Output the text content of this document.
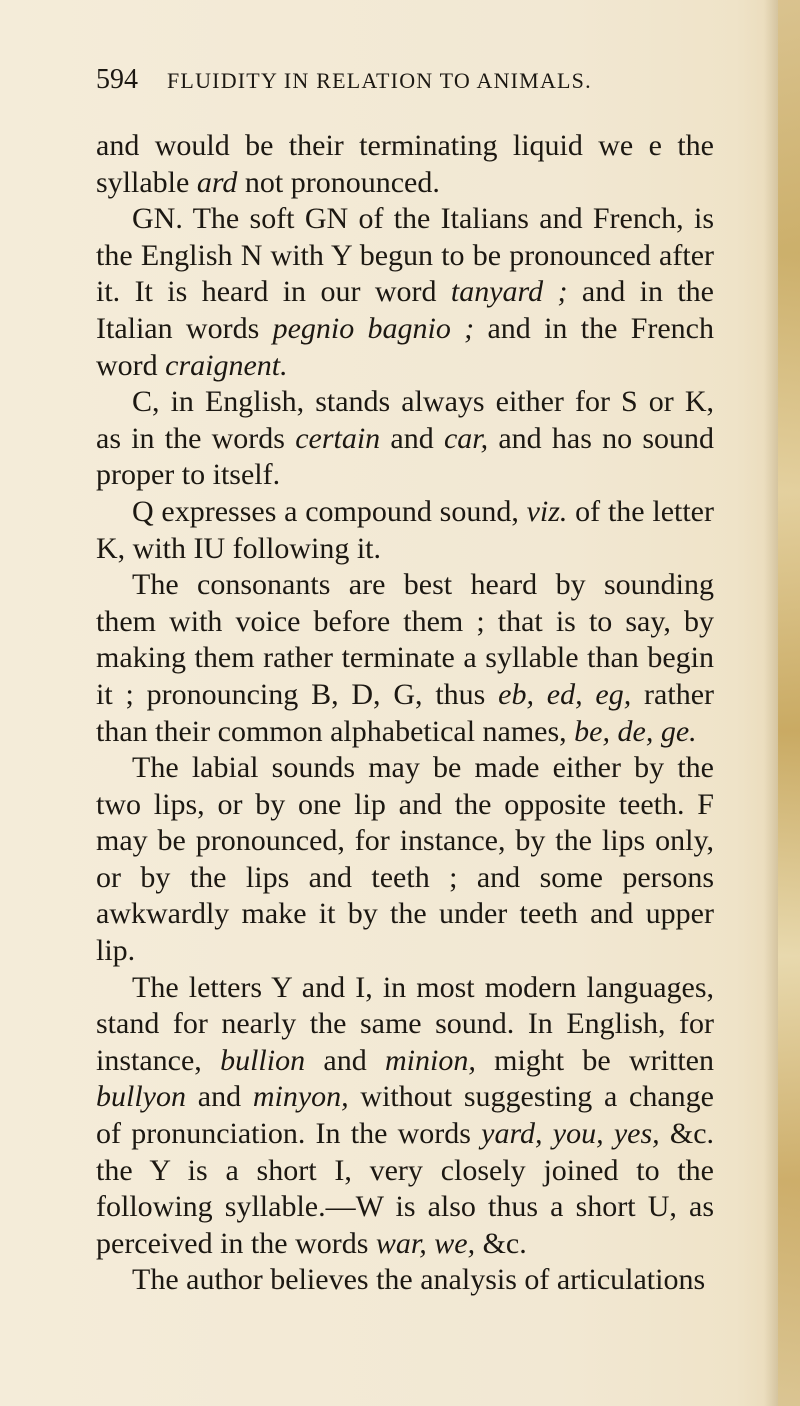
594 FLUIDITY IN RELATION TO ANIMALS.

and would be their terminating liquid we e the syllable ard not pronounced.

GN. The soft GN of the Italians and French, is the English N with Y begun to be pronounced after it. It is heard in our word tanyard ; and in the Italian words pegnio bagnio ; and in the French word craignent.

C, in English, stands always either for S or K, as in the words certain and car, and has no sound proper to itself.

Q expresses a compound sound, viz. of the letter K, with IU following it.

The consonants are best heard by sounding them with voice before them ; that is to say, by making them rather terminate a syllable than begin it ; pronouncing B, D, G, thus eb, ed, eg, rather than their common alphabetical names, be, de, ge.

The labial sounds may be made either by the two lips, or by one lip and the opposite teeth. F may be pronounced, for instance, by the lips only, or by the lips and teeth ; and some persons awkwardly make it by the under teeth and upper lip.

The letters Y and I, in most modern languages, stand for nearly the same sound. In English, for instance, bullion and minion, might be written bullyon and minyon, without suggesting a change of pronunciation. In the words yard, you, yes, &c. the Y is a short I, very closely joined to the following syllable.—W is also thus a short U, as perceived in the words war, we, &c.

The author believes the analysis of articulations
